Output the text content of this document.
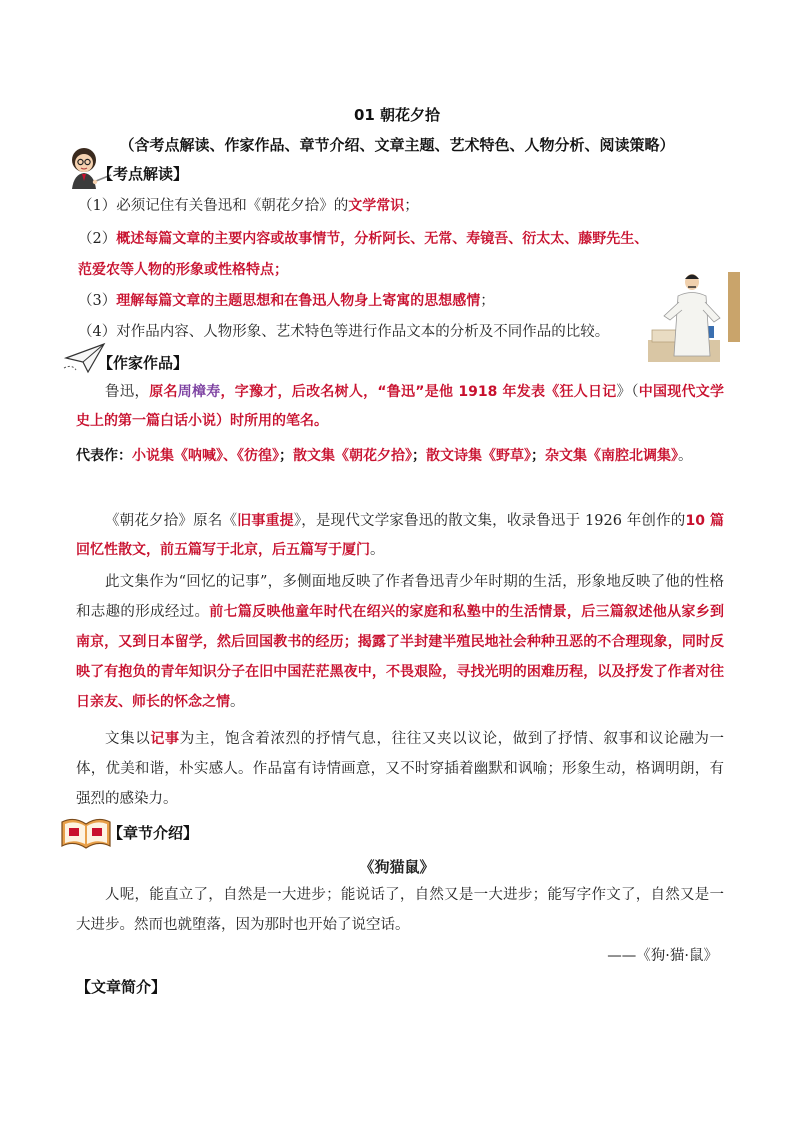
01 朝花夕拾
（含考点解读、作家作品、章节介绍、文章主题、艺术特色、人物分析、阅读策略）
【考点解读】
（1）必须记住有关鲁迅和《朝花夕拾》的文学常识；
（2）概述每篇文章的主要内容或故事情节，分析阿长、无常、寿镜吾、衍太太、藤野先生、
范爱农等人物的形象或性格特点；
（3）理解每篇文章的主题思想和在鲁迅人物身上寄寓的思想感情；
（4）对作品内容、人物形象、艺术特色等进行作品文本的分析及不同作品的比较。
【作家作品】
鲁迅，原名周樟寿，字豫才，后改名树人，“鲁迅”是他 1918 年发表《狂人日记》（中国现代文学史上的第一篇白话小说）时所用的笔名。
代表作：小说集《呐喊》、《彷徨》；散文集《朝花夕拾》；散文诗集《野草》；杂文集《南腔北调集》。
《朝花夕拾》原名《旧事重提》，是现代文学家鲁迅的散文集，收录鲁迅于 1926 年创作的10 篇回忆性散文，前五篇写于北京，后五篇写于厦门。
此文集作为“回忆的记事”，多侧面地反映了作者鲁迅青少年时期的生活，形象地反映了他的性格和志趣的形成经过。前七篇反映他童年时代在绍兴的家庭和私塾中的生活情景，后三篇叙述他从家乡到南京，又到日本留学，然后回国教书的经历；揭露了半封建半殖民地社会种种丑恶的不合理现象，同时反映了有抱负的青年知识分子在旧中国茫茫黑夜中，不畏艰险，寻找光明的困难历程，以及抒发了作者对往日亲友、师长的怀念之情。
文集以记事为主，饱含着浓烈的抒情气息，往往又夹以议论，做到了抒情、叙事和议论融为一体，优美和谐，朴实感人。作品富有诗情画意，又不时穿插着幽默和讽喻；形象生动，格调明朗，有强烈的感染力。
【章节介绍】
《狗猫鼠》
人呢，能直立了，自然是一大进步；能说话了，自然又是一大进步；能写字作文了，自然又是一大进步。然而也就堕落，因为那时也开始了说空话。
——《狗·猫·鼠》
【文章简介】
